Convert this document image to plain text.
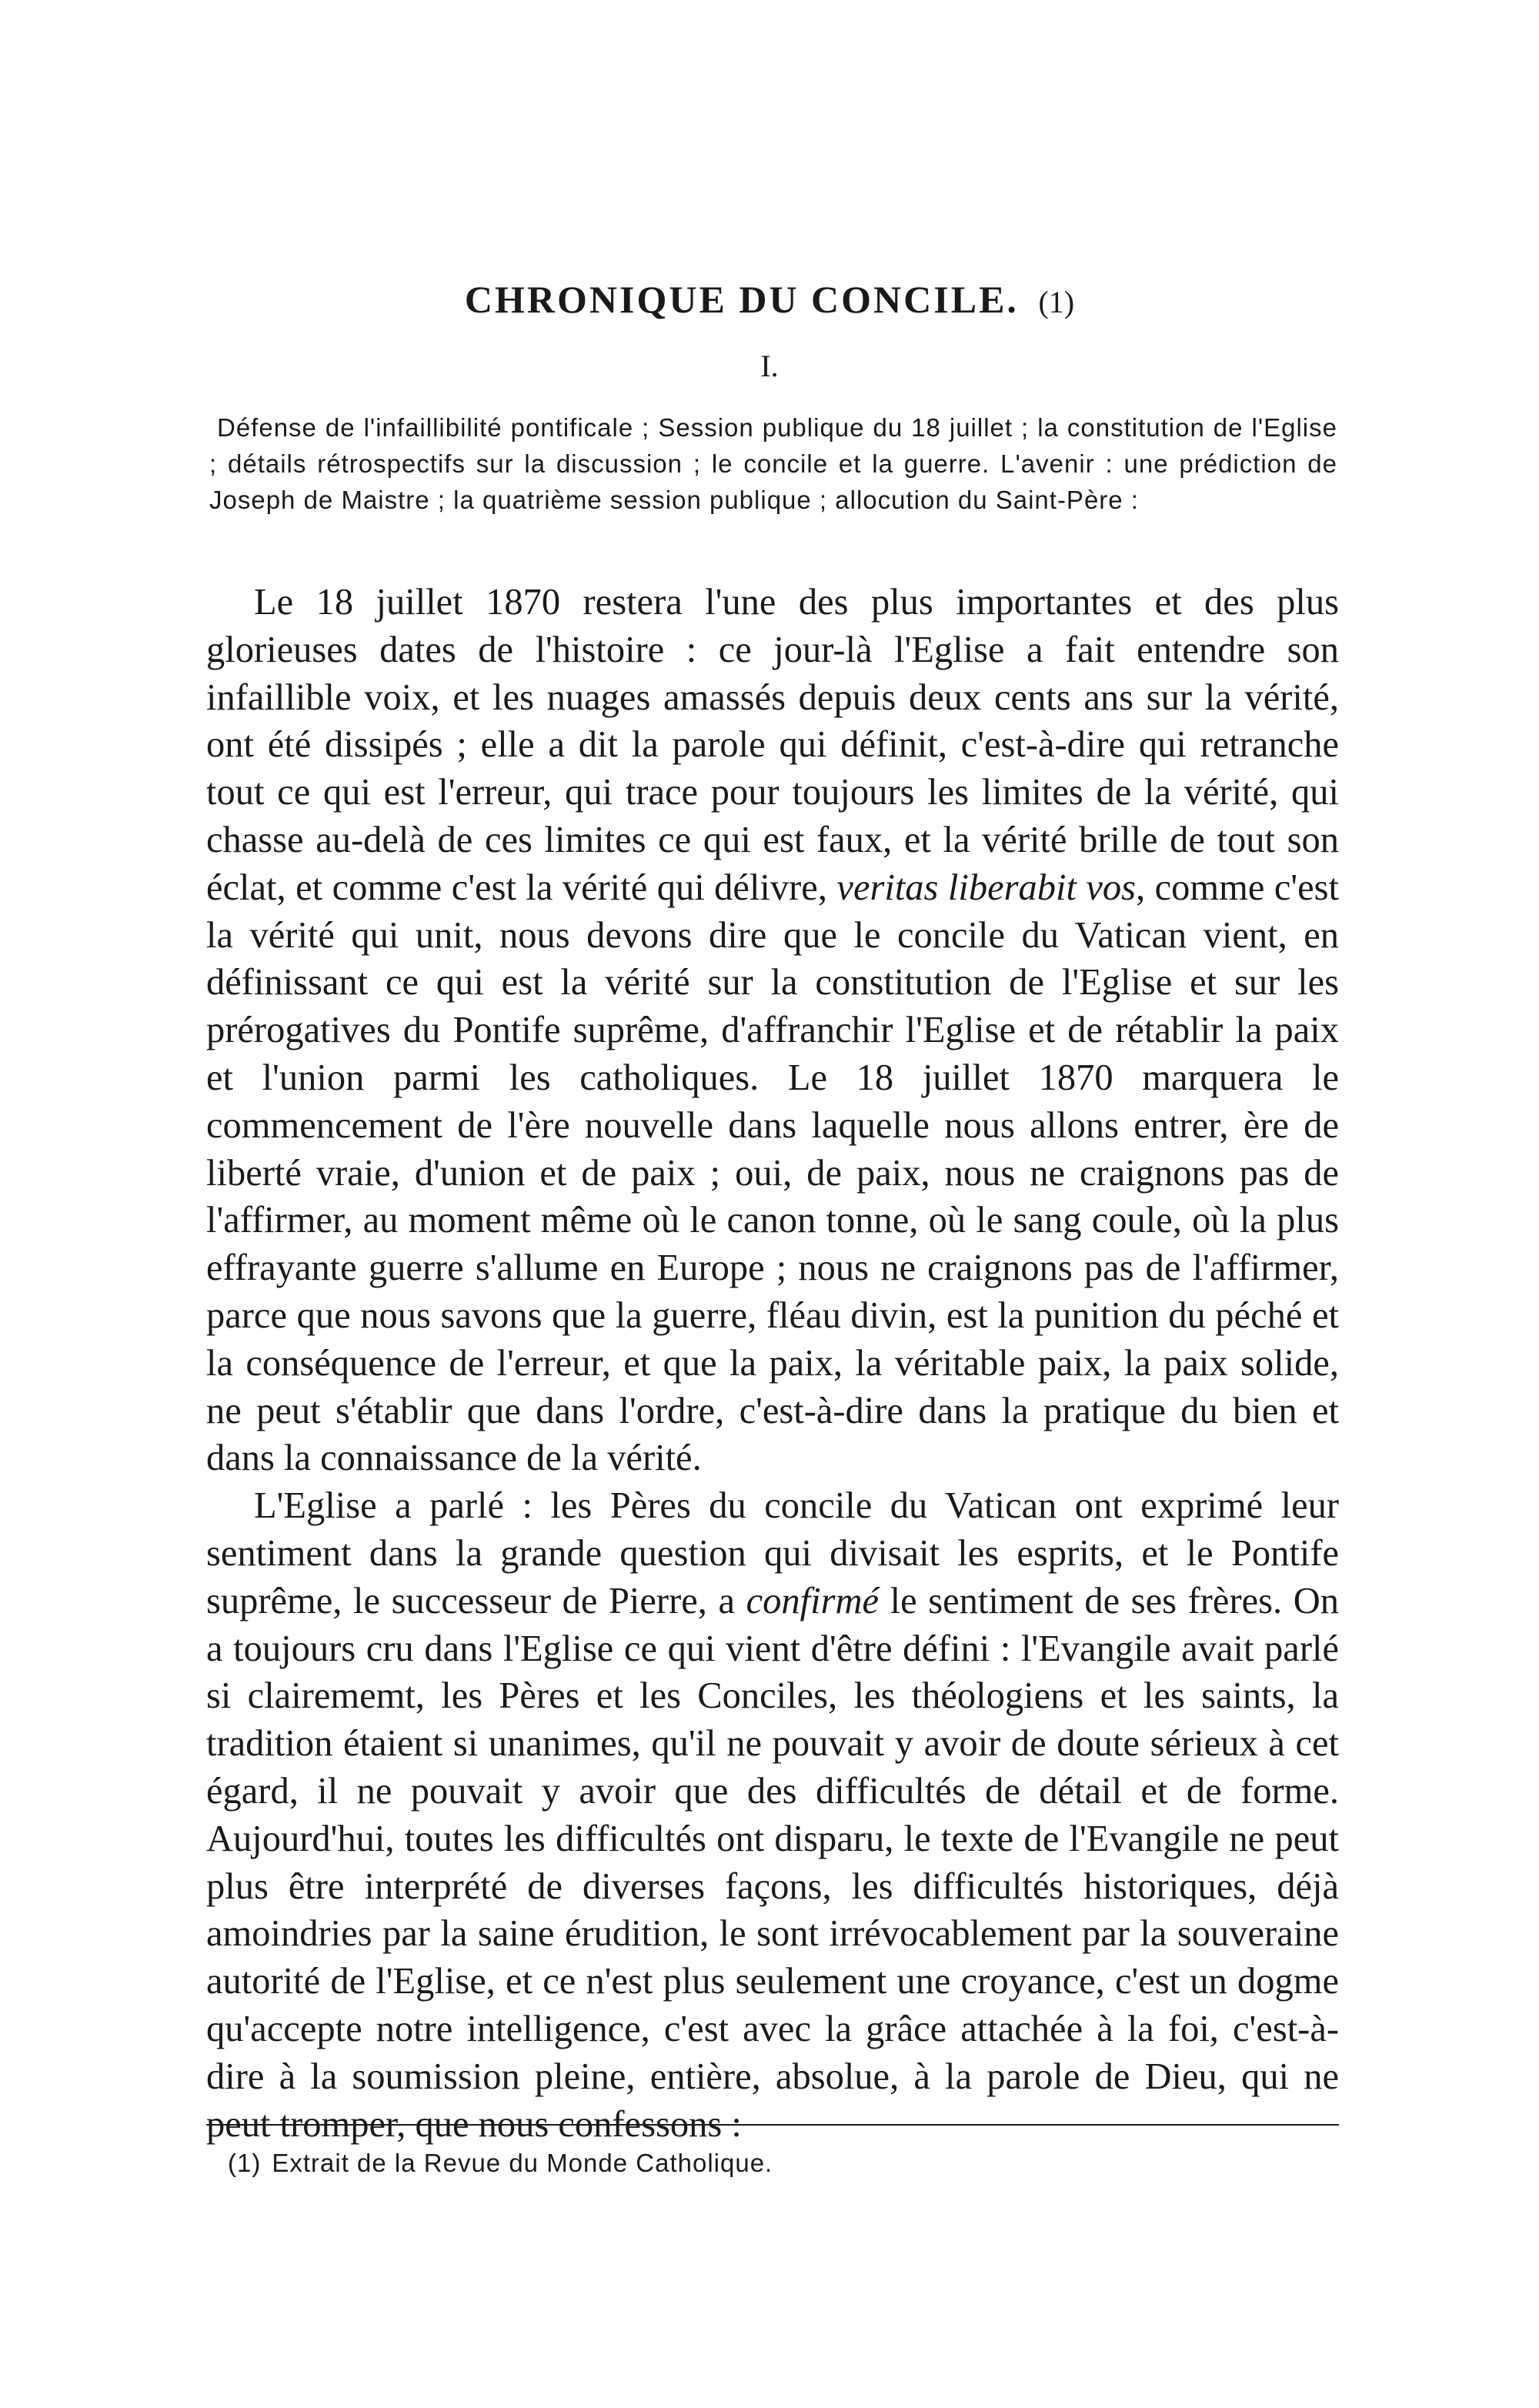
CHRONIQUE DU CONCILE. (1)
I.

Défense de l'infaillibilité pontificale ; Session publique du 18 juillet ; la constitution de l'Eglise ; détails rétrospectifs sur la discussion ; le concile et la guerre. L'avenir : une prédiction de Joseph de Maistre ; la quatrième session publique ; allocution du Saint-Père :

Le 18 juillet 1870 restera l'une des plus importantes et des plus glorieuses dates de l'histoire : ce jour-là l'Eglise a fait entendre son infaillible voix, et les nuages amassés depuis deux cents ans sur la vérité, ont été dissipés ; elle a dit la parole qui définit, c'est-à-dire qui retranche tout ce qui est l'erreur, qui trace pour toujours les limites de la vérité, qui chasse au-delà de ces limites ce qui est faux, et la vérité brille de tout son éclat, et comme c'est la vérité qui délivre, veritas liberabit vos, comme c'est la vérité qui unit, nous devons dire que le concile du Vatican vient, en définissant ce qui est la vérité sur la constitution de l'Eglise et sur les prérogatives du Pontife suprême, d'affranchir l'Eglise et de rétablir la paix et l'union parmi les catholiques. Le 18 juillet 1870 marquera le commencement de l'ère nouvelle dans laquelle nous allons entrer, ère de liberté vraie, d'union et de paix ; oui, de paix, nous ne craignons pas de l'affirmer, au moment même où le canon tonne, où le sang coule, où la plus effrayante guerre s'allume en Europe ; nous ne craignons pas de l'affirmer, parce que nous savons que la guerre, fléau divin, est la punition du péché et la conséquence de l'erreur, et que la paix, la véritable paix, la paix solide, ne peut s'établir que dans l'ordre, c'est-à-dire dans la pratique du bien et dans la connaissance de la vérité.

L'Eglise a parlé : les Pères du concile du Vatican ont exprimé leur sentiment dans la grande question qui divisait les esprits, et le Pontife suprême, le successeur de Pierre, a confirmé le sentiment de ses frères. On a toujours cru dans l'Eglise ce qui vient d'être défini : l'Evangile avait parlé si clairememt, les Pères et les Conciles, les théologiens et les saints, la tradition étaient si unanimes, qu'il ne pouvait y avoir de doute sérieux à cet égard, il ne pouvait y avoir que des difficultés de détail et de forme. Aujourd'hui, toutes les difficultés ont disparu, le texte de l'Evangile ne peut plus être interprété de diverses façons, les difficultés historiques, déjà amoindries par la saine érudition, le sont irrévocablement par la souveraine autorité de l'Eglise, et ce n'est plus seulement une croyance, c'est un dogme qu'accepte notre intelligence, c'est avec la grâce attachée à la foi, c'est-à-dire à la soumission pleine, entière, absolue, à la parole de Dieu, qui ne peut tromper, que nous confessons :

(1) Extrait de la Revue du Monde Catholique.
